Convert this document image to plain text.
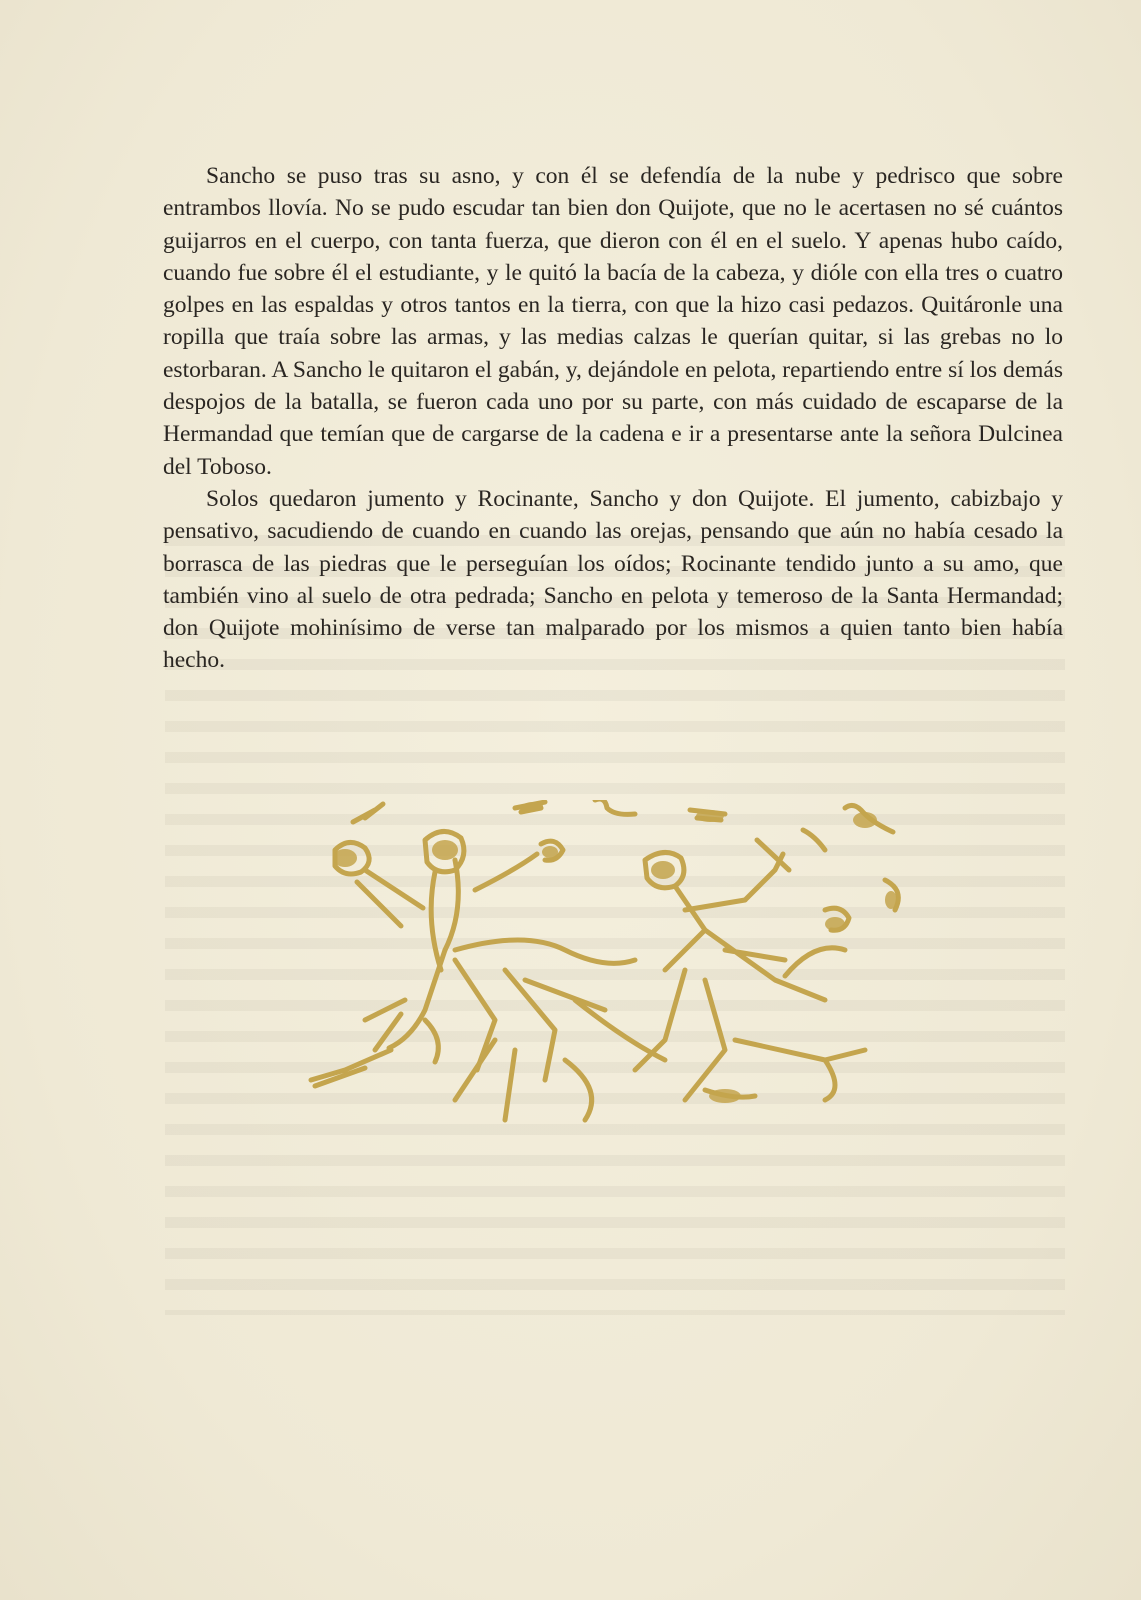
Sancho se puso tras su asno, y con él se defendía de la nube y pedrisco que sobre entrambos llovía. No se pudo escudar tan bien don Quijote, que no le acertasen no sé cuántos guijarros en el cuerpo, con tanta fuerza, que dieron con él en el suelo. Y apenas hubo caído, cuando fue sobre él el estudiante, y le quitó la bacía de la cabeza, y dióle con ella tres o cuatro golpes en las espaldas y otros tantos en la tierra, con que la hizo casi pedazos. Quitáronle una ropilla que traía sobre las armas, y las medias calzas le querían quitar, si las grebas no lo estorbaran. A Sancho le quitaron el gabán, y, dejándole en pelota, repartiendo entre sí los demás despojos de la batalla, se fueron cada uno por su parte, con más cuidado de escaparse de la Hermandad que temían que de cargarse de la cadena e ir a presentarse ante la señora Dulcinea del Toboso.

Solos quedaron jumento y Rocinante, Sancho y don Quijote. El jumento, cabizbajo y pensativo, sacudiendo de cuando en cuando las orejas, pensando que aún no había cesado la borrasca de las piedras que le perseguían los oídos; Rocinante tendido junto a su amo, que también vino al suelo de otra pedrada; Sancho en pelota y temeroso de la Santa Hermandad; don Quijote mohinísimo de verse tan malparado por los mismos a quien tanto bien había hecho.
